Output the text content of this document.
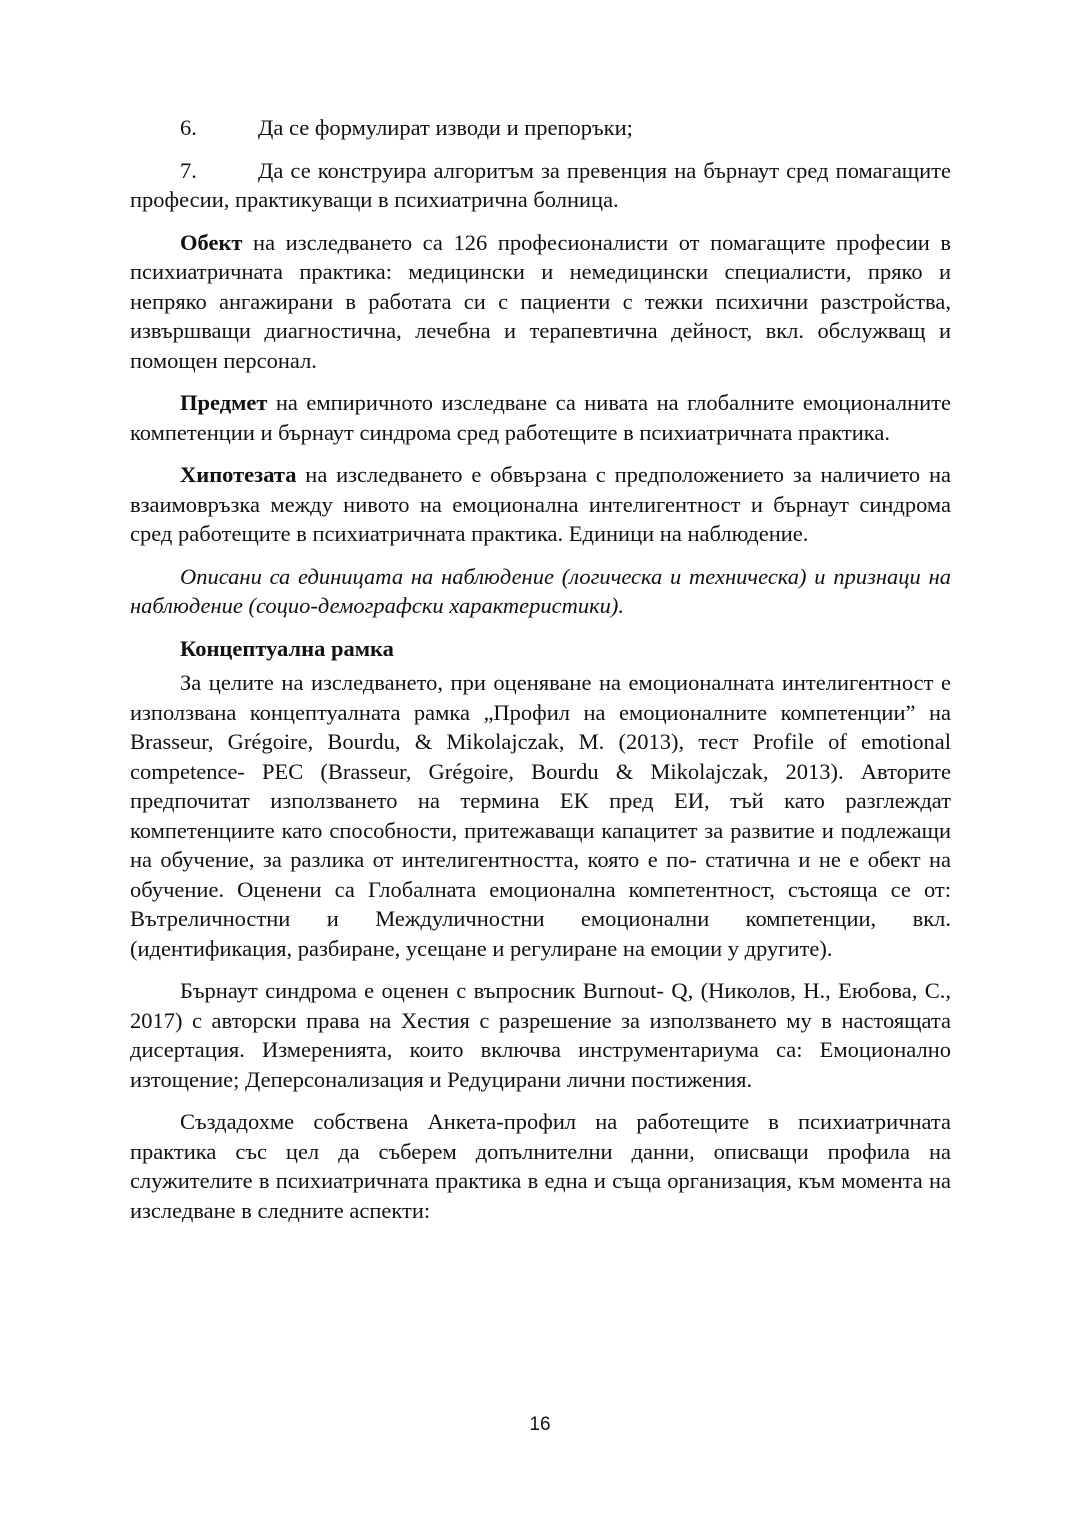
6.	Да се формулират изводи и препоръки;

7.	Да се конструира алгоритъм за превенция на бърнаут сред помагащите професии, практикуващи в психиатрична болница.

Обект на изследването са 126 професионалисти от помагащите професии в психиатричната практика: медицински и немедицински специалисти, пряко и непряко ангажирани в работата си с пациенти с тежки психични разстройства, извършващи диагностична, лечебна и терапевтична дейност, вкл. обслужващ и помощен персонал.

Предмет на емпиричното изследване са нивата на глобалните емоционалните компетенции и бърнаут синдрома сред работещите в психиатричната практика.

Хипотезата на изследването е обвързана с предположението за наличието на взаимовръзка между нивото на емоционална интелигентност и бърнаут синдрома сред работещите в психиатричната практика. Единици на наблюдение.

Описани са единицата на наблюдение (логическа и техническа) и признаци на наблюдение (социо-демографски характеристики).

Концептуална рамка

За целите на изследването, при оценяване на емоционалната интелигентност е използвана концептуалната рамка „Профил на емоционалните компетенции” на Brasseur, Grégoire, Bourdu, & Mikolajczak, M. (2013), тест Profile of emotional competence- PEC (Brasseur, Grégoire, Bourdu & Mikolajczak, 2013). Авторите предпочитат използването на термина ЕК пред ЕИ, тъй като разглеждат компетенциите като способности, притежаващи капацитет за развитие и подлежащи на обучение, за разлика от интелигентността, която е по- статична и не е обект на обучение. Оценени са Глобалната емоционална компетентност, състояща се от: Вътреличностни и Междуличностни емоционални компетенции, вкл. (идентификация, разбиране, усещане и регулиране на емоции у другите).

Бърнаут синдрома е оценен с въпросник Burnout- Q, (Николов, Н., Еюбова, С., 2017) с авторски права на Хестия с разрешение за използването му в настоящата дисертация. Измеренията, които включва инструментариума са: Емоционално изтощение; Деперсонализация и Редуцирани лични постижения.

Създадохме собствена Анкета-профил на работещите в психиатричната практика със цел да съберем допълнителни данни, описващи профила на служителите в психиатричната практика в една и съща организация, към момента на изследване в следните аспекти:

16
